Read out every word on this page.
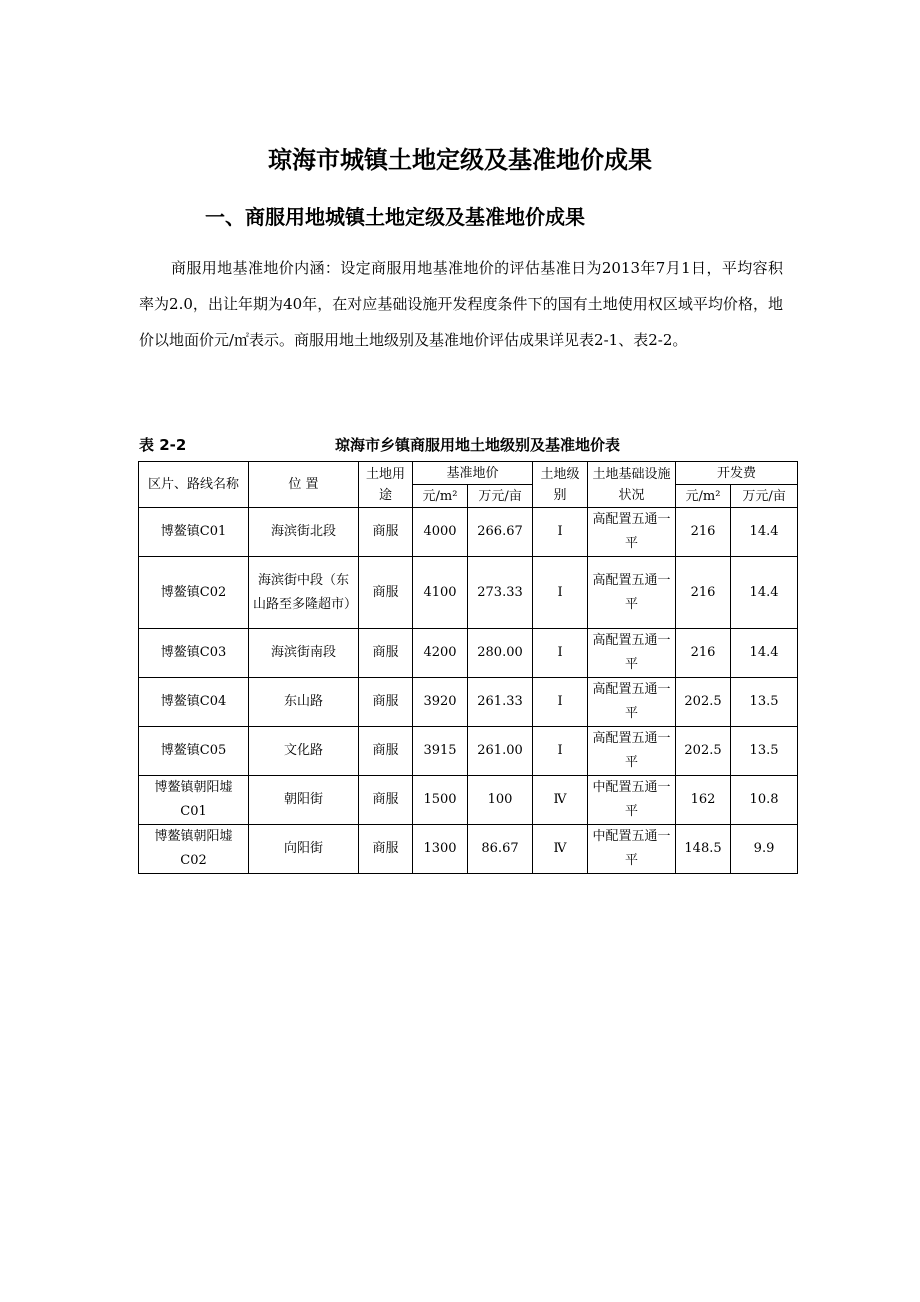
琼海市城镇土地定级及基准地价成果
一、商服用地城镇土地定级及基准地价成果

商服用地基准地价内涵：设定商服用地基准地价的评估基准日为2013年7月1日，平均容积率为2.0，出让年期为40年，在对应基础设施开发程度条件下的国有土地使用权区域平均价格，地价以地面价元/㎡表示。商服用地土地级别及基准地价评估成果详见表2-1、表2-2。

表 2-2	琼海市乡镇商服用地土地级别及基准地价表
区片、路线名称	位 置	土地用途	基准地价		土地级别	土地基础设施状况	开发费	
			元/m²	万元/亩			元/m²	万元/亩
博鳌镇C01	海滨街北段	商服	4000	266.67	Ⅰ	高配置五通一平	216	14.4
博鳌镇C02	海滨街中段（东山路至多隆超市）	商服	4100	273.33	Ⅰ	高配置五通一平	216	14.4
博鳌镇C03	海滨街南段	商服	4200	280.00	Ⅰ	高配置五通一平	216	14.4
博鳌镇C04	东山路	商服	3920	261.33	Ⅰ	高配置五通一平	202.5	13.5
博鳌镇C05	文化路	商服	3915	261.00	Ⅰ	高配置五通一平	202.5	13.5
博鳌镇朝阳墟C01	朝阳街	商服	1500	100	Ⅳ	中配置五通一平	162	10.8
博鳌镇朝阳墟C02	向阳街	商服	1300	86.67	Ⅳ	中配置五通一平	148.5	9.9
